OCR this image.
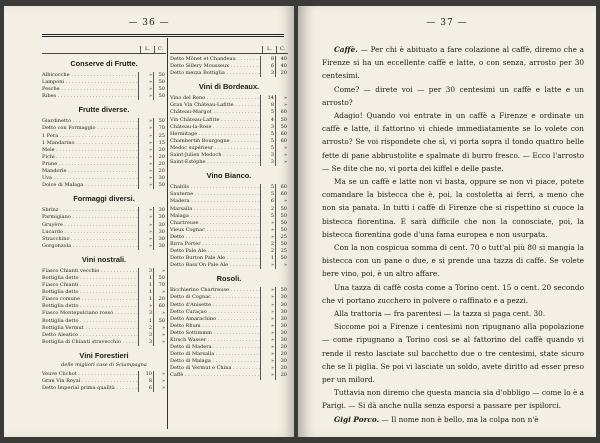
— 36 —
L.	C.
Conserve di Frutte.
Albicocche . . .	»	50
Lamponi . . .	»	50
Pesche . . .	»	50
Ribes . . .	»	50
Frutte diverse.
Giardinetto . . .	»	50
Detto con Formaggio . . .	»	70
1 Pera . . .	»	25
1 Mandarino . . .	»	15
Mele . . .	»	20
Fichi . . .	»	20
Prune . . .	»	20
Mandorle . . .	»	20
Uva . . .	»	30
Dolce di Malaga . . .	»	50
Formaggi diversi.
Sbrinz . . .	»	30
Parmigiano . . .	»	30
Gruyère . . .	»	30
Lucardo . . .	»	30
Stracchino . . .	»	30
Gorgonzola . . .	»	30
Vini nostrali.
Fiasco Chianti vecchio . . .	3	»
Bottiglia detto . . .	1	50
Fiasco Chianti . . .	1	70
Bottiglia detto . . .	1	»
Fiasco comune . . .	1	20
Bottiglia detto . . .	»	60
Fiasco Montepulciano rosso . . .	3	»
Bottiglia detto . . .	1	50
Bottiglia Vermut . . .	2	»
Detto Aleatico . . .	3	»
Bottiglia di Chianti stravecchio . . .	3	»
Vini Forestieri
delle migliori case di Sciampagna
Veuve Clichot . . .	10	»
Gran Vin Royal . . .	8	»
Detto Imperial prima qualità . . .	6	»
L.	C.
Detto Mônet et Chandeau . . .	8	40
Detto Sillery Mousseux . . .	6	40
Detto mezza Bottiglia . . .	3	20
Vini di Bordeaux.
Vino del Reno . . .	14	»
Gran Vin Château-Lafitte . . .	8	»
Château-Margot . . .	5	60
Vin Château-Lafitte . . .	4	50
Château-la-Rose . . .	3	50
Hermitage . . .	5	60
Chambertin Bourgogne . . .	5	60
Medoc supérieur . . .	5	»
Saint-Julien Medoch . . .	3	»
Saint-Estèphe . . .	3	»
Vino Bianco.
Chablis . . .	5	60
Sauterne . . .	5	60
Madera . . .	6	»
Marsalla . . .	2	50
Malaga . . .	5	50
Chartreuse . . .	»	50
Vieux Cognac . . .	»	50
Detto . . .	»	25
Birra Porter . . .	2	50
Detto Pale Ale . . .	2	25
Detto Burton Pale Ale . . .	1	50
Detto Bass'On Pale Ale . . .	»	»
Rosoli.
Bicchierino Chartreuse . . .	»	50
Detto di Cognac . . .	»	30
Detto d'Anisette . . .	»	30
Detto Curaçao . . .	»	30
Detto Amarachino . . .	»	30
Detto Rhum . . .	»	30
Detto Sottimmm . . .	»	30
Kirsch Wasser . . .	»	30
Detto di Madera . . .	»	20
Detto di Marsalla . . .	»	20
Detto di Malaga . . .	»	30
Detto di Vermut e China . . .	»	20
Caffè . . .	»	20
— 37 —

Caffè. — Per chi è abituato a fare colazione al caffè, diremo che a Firenze si ha un eccellente caffè e latte, o con senza, arrosto per 30 centesimi.

Come? — direte voi — per 30 centesimi un caffè e latte e un arrosto?

Adagio! Quando voi entrate in un caffè a Firenze e ordinate un caffè e latte, il fattorino vi chiede immediatamente se lo volete con arrosto? Se voi rispondete che sì, vi porta sopra il tondo quattro belle fette di pane abbrustolite e spalmate di burro fresco. — Ecco l'arrosto — Se dite che no, vi porta dei kiffel e delle paste.

Ma se un caffè e latte non vi basta, oppure se non vi piace, potete comandare la bistecca che è, poi, la costoletta ai ferri, a meno che non sia panata. In tutti i caffè di Firenze che si rispettino si cuoce la bistecca fiorentina. E sarà difficile che non la conosciate, poi, la bistecca fiorentina gode d'una fama europea e non usurpata.

Con la non cospicua somma di cent. 70 o tutt'al più 80 si mangia la bistecca con un pane o due, e si prende una tazza di caffè. Se volete bere vino, poi, è un altro affare.

Una tazza di caffè costa come a Torino cent. 15 o cent. 20 secondo che vi portano zucchero in polvere o raffinato e a pezzi.

Alla trattoria — fra parentesi — la tazza si paga cent. 30.

Siccome poi a Firenze i centesimi non ripugnano alla popolazione — come ripugnano a Torino così se al fattorino del caffè quando vi rende il resto lasciate sul bacchetto due o tre centesimi, state sicuro che se li piglia. Se poi vi lasciate un soldo, avete diritto ad esser preso per un milord.

Tuttavia non diremo che questa mancia sia d'obbligo — come lo è a Parigi. — Si dà anche nulla senza esporsi a passare per ispilorci.

Gigi Porco. — Il nome non è bello, ma la colpa non n'è
